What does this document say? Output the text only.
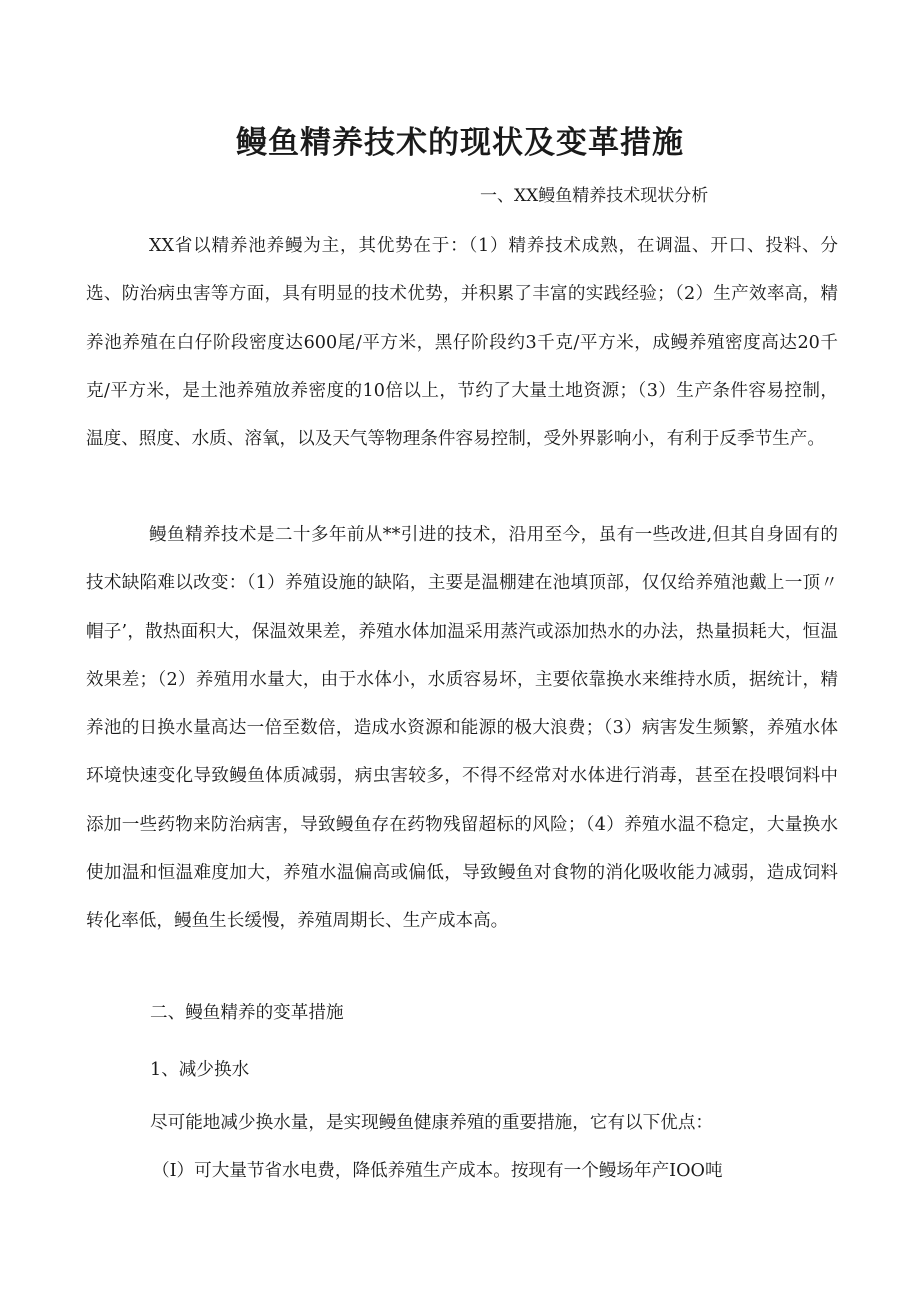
鳗鱼精养技术的现状及变革措施
一、XX鳗鱼精养技术现状分析

XX省以精养池养鳗为主，其优势在于：（1）精养技术成熟，在调温、开口、投料、分选、防治病虫害等方面，具有明显的技术优势，并积累了丰富的实践经验；（2）生产效率高，精养池养殖在白仔阶段密度达600尾/平方米，黑仔阶段约3千克/平方米，成鳗养殖密度高达20千克/平方米，是土池养殖放养密度的10倍以上，节约了大量土地资源；（3）生产条件容易控制，温度、照度、水质、溶氧，以及天气等物理条件容易控制，受外界影响小，有利于反季节生产。

鳗鱼精养技术是二十多年前从**引进的技术，沿用至今，虽有一些改进,但其自身固有的技术缺陷难以改变：（1）养殖设施的缺陷，主要是温棚建在池填顶部，仅仅给养殖池戴上一顶〃帽子’，散热面积大，保温效果差，养殖水体加温采用蒸汽或添加热水的办法，热量损耗大，恒温效果差；（2）养殖用水量大，由于水体小，水质容易坏，主要依靠换水来维持水质，据统计，精养池的日换水量高达一倍至数倍，造成水资源和能源的极大浪费；（3）病害发生频繁，养殖水体环境快速变化导致鳗鱼体质减弱，病虫害较多，不得不经常对水体进行消毒，甚至在投喂饲料中添加一些药物来防治病害，导致鳗鱼存在药物残留超标的风险；（4）养殖水温不稳定，大量换水使加温和恒温难度加大，养殖水温偏高或偏低，导致鳗鱼对食物的消化吸收能力减弱，造成饲料转化率低，鳗鱼生长缓慢，养殖周期长、生产成本高。

二、鳗鱼精养的变革措施

1、减少换水

尽可能地减少换水量，是实现鳗鱼健康养殖的重要措施，它有以下优点：

（I）可大量节省水电费，降低养殖生产成本。按现有一个鳗场年产IOO吨
